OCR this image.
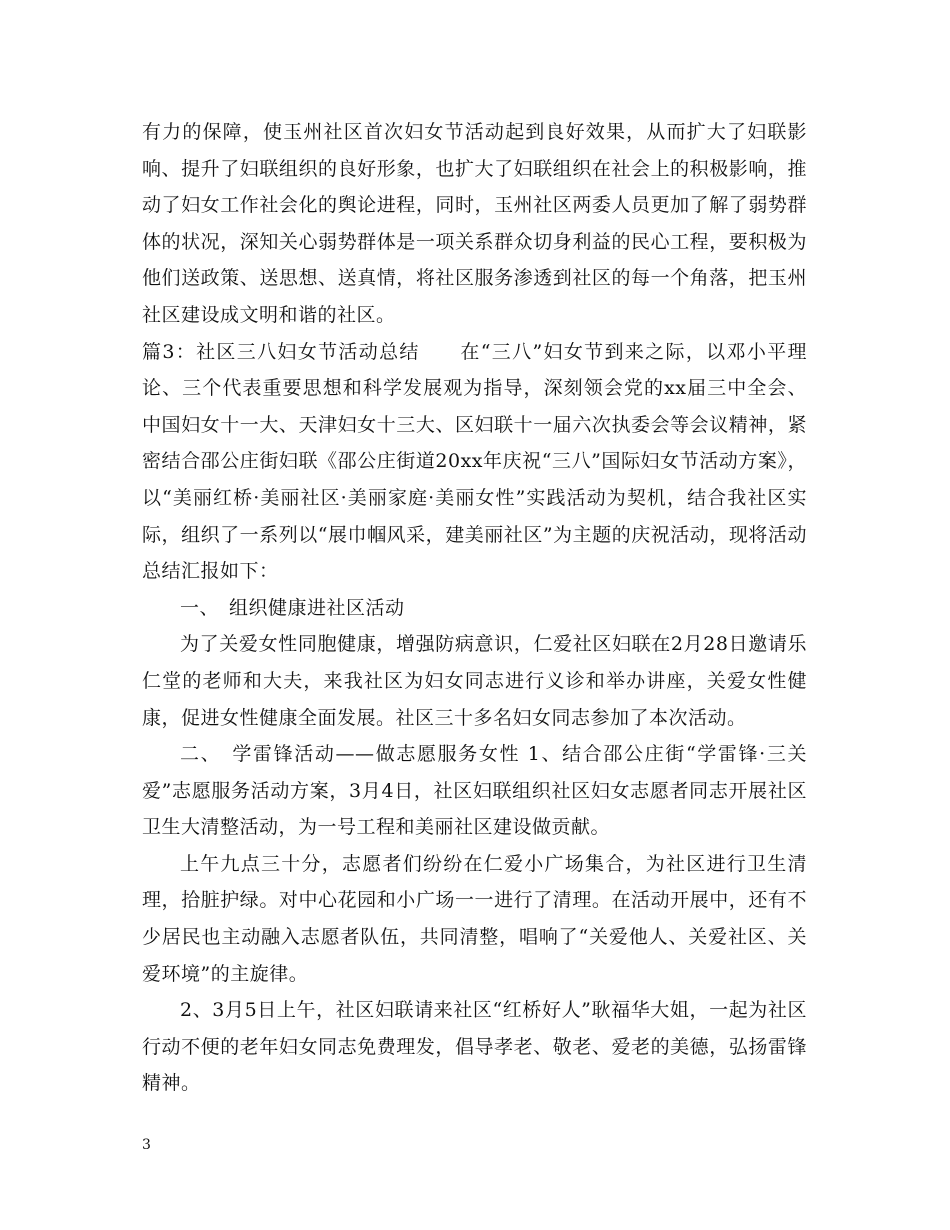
有力的保障，使玉州社区首次妇女节活动起到良好效果，从而扩大了妇联影响、提升了妇联组织的良好形象，也扩大了妇联组织在社会上的积极影响，推动了妇女工作社会化的舆论进程，同时，玉州社区两委人员更加了解了弱势群体的状况，深知关心弱势群体是一项关系群众切身利益的民心工程，要积极为他们送政策、送思想、送真情，将社区服务渗透到社区的每一个角落，把玉州社区建设成文明和谐的社区。

篇3：社区三八妇女节活动总结　　在“三八”妇女节到来之际，以邓小平理论、三个代表重要思想和科学发展观为指导，深刻领会党的xx届三中全会、中国妇女十一大、天津妇女十三大、区妇联十一届六次执委会等会议精神，紧密结合邵公庄街妇联《邵公庄街道20xx年庆祝“三八”国际妇女节活动方案》，以“美丽红桥·美丽社区·美丽家庭·美丽女性”实践活动为契机，结合我社区实际，组织了一系列以“展巾帼风采，建美丽社区”为主题的庆祝活动，现将活动总结汇报如下：

一、　组织健康进社区活动

为了关爱女性同胞健康，增强防病意识，仁爱社区妇联在2月28日邀请乐仁堂的老师和大夫，来我社区为妇女同志进行义诊和举办讲座，关爱女性健康，促进女性健康全面发展。社区三十多名妇女同志参加了本次活动。

二、　学雷锋活动——做志愿服务女性 1、结合邵公庄街“学雷锋·三关爱”志愿服务活动方案，3月4日，社区妇联组织社区妇女志愿者同志开展社区卫生大清整活动，为一号工程和美丽社区建设做贡献。

上午九点三十分，志愿者们纷纷在仁爱小广场集合，为社区进行卫生清理，拾脏护绿。对中心花园和小广场一一进行了清理。在活动开展中，还有不少居民也主动融入志愿者队伍，共同清整，唱响了“关爱他人、关爱社区、关爱环境”的主旋律。

2、3月5日上午，社区妇联请来社区“红桥好人”耿福华大姐，一起为社区行动不便的老年妇女同志免费理发，倡导孝老、敬老、爱老的美德，弘扬雷锋精神。

3
